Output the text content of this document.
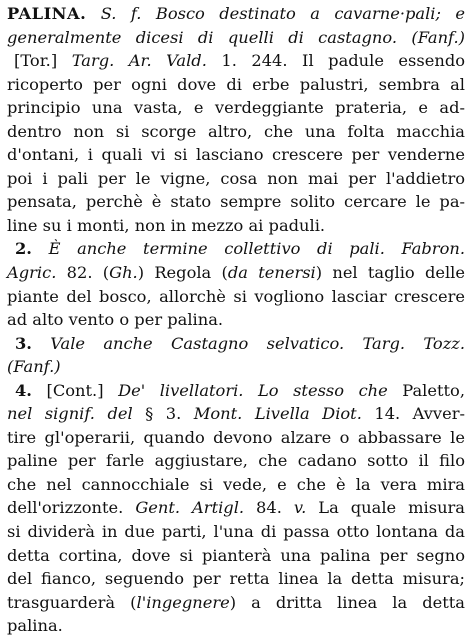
PALINA. S. f. Bosco destinato a cavarne·pali; e
generalmente dicesi di quelli di castagno. (Fanf.)
[Tor.] Targ. Ar. Vald. 1. 244. Il padule essendo
ricoperto per ogni dove di erbe palustri, sembra al
principio una vasta, e verdeggiante prateria, e ad-
dentro non si scorge altro, che una folta macchia
d'ontani, i quali vi si lasciano crescere per venderne
poi i pali per le vigne, cosa non mai per l'addietro
pensata, perchè è stato sempre solito cercare le pa-
line su i monti, non in mezzo ai paduli.
2. È anche termine collettivo di pali. Fabron.
Agric. 82. (Gh.) Regola (da tenersi) nel taglio delle
piante del bosco, allorchè si vogliono lasciar crescere
ad alto vento o per palina.
3. Vale anche Castagno selvatico. Targ. Tozz.
(Fanf.)
4. [Cont.] De' livellatori. Lo stesso che Paletto,
nel signif. del § 3. Mont. Livella Diot. 14. Avver-
tire gl'operarii, quando devono alzare o abbassare le
paline per farle aggiustare, che cadano sotto il filo
che nel cannocchiale si vede, e che è la vera mira
dell'orizzonte. Gent. Artigl. 84. v. La quale misura
si dividerà in due parti, l'una di passa otto lontana da
detta cortina, dove si pianterà una palina per segno
del fianco, seguendo per retta linea la detta misura;
trasguarderà (l'ingegnere) a dritta linea la detta
palina.
